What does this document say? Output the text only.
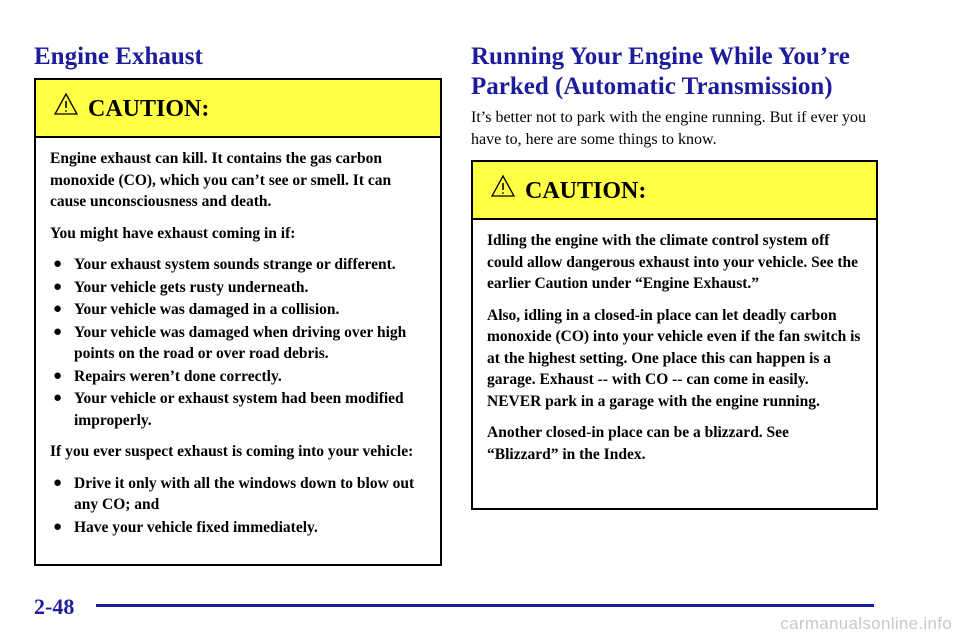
Engine Exhaust
CAUTION:

Engine exhaust can kill. It contains the gas carbon monoxide (CO), which you can’t see or smell. It can cause unconsciousness and death.

You might have exhaust coming in if:

● Your exhaust system sounds strange or different.
● Your vehicle gets rusty underneath.
● Your vehicle was damaged in a collision.
● Your vehicle was damaged when driving over high points on the road or over road debris.
● Repairs weren’t done correctly.
● Your vehicle or exhaust system had been modified improperly.

If you ever suspect exhaust is coming into your vehicle:

● Drive it only with all the windows down to blow out any CO; and
● Have your vehicle fixed immediately.
Running Your Engine While You’re Parked (Automatic Transmission)

It’s better not to park with the engine running. But if ever you have to, here are some things to know.

CAUTION:

Idling the engine with the climate control system off could allow dangerous exhaust into your vehicle. See the earlier Caution under “Engine Exhaust.”

Also, idling in a closed-in place can let deadly carbon monoxide (CO) into your vehicle even if the fan switch is at the highest setting. One place this can happen is a garage. Exhaust -- with CO -- can come in easily. NEVER park in a garage with the engine running.

Another closed-in place can be a blizzard. See “Blizzard” in the Index.

2-48
carmanualsonline.info
